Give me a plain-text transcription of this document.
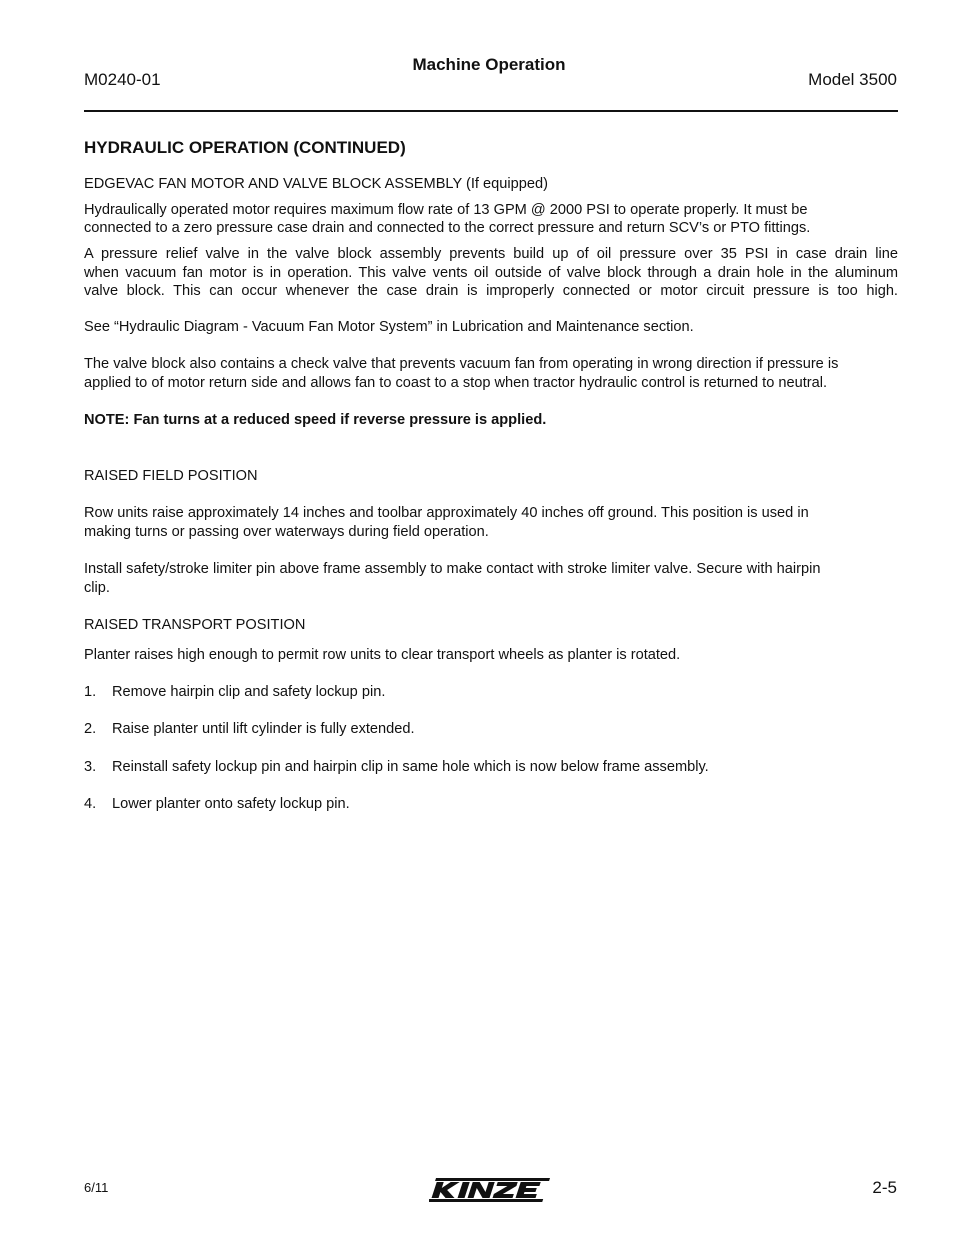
M0240-01
Machine Operation
Model 3500
HYDRAULIC OPERATION (CONTINUED)
EDGEVAC FAN MOTOR AND VALVE BLOCK ASSEMBLY (If equipped)
Hydraulically operated motor requires maximum flow rate of 13 GPM @ 2000 PSI to operate properly. It must be
connected to a zero pressure case drain and connected to the correct pressure and return SCV’s or PTO fittings.
A pressure relief valve in the valve block assembly prevents build up of oil pressure over 35 PSI in case drain line
when vacuum fan motor is in operation. This valve vents oil outside of valve block through a drain hole in the aluminum
valve block. This can occur whenever the case drain is improperly connected or motor circuit pressure is too high.
See “Hydraulic Diagram - Vacuum Fan Motor System” in Lubrication and Maintenance section.
The valve block also contains a check valve that prevents vacuum fan from operating in wrong direction if pressure is
applied to of motor return side and allows fan to coast to a stop when tractor hydraulic control is returned to neutral.
NOTE: Fan turns at a reduced speed if reverse pressure is applied.
RAISED FIELD POSITION
Row units raise approximately 14 inches and toolbar approximately 40 inches off ground. This position is used in
making turns or passing over waterways during field operation.
Install safety/stroke limiter pin above frame assembly to make contact with stroke limiter valve. Secure with hairpin
clip.
RAISED TRANSPORT POSITION
Planter raises high enough to permit row units to clear transport wheels as planter is rotated.
1. Remove hairpin clip and safety lockup pin.
2. Raise planter until lift cylinder is fully extended.
3. Reinstall safety lockup pin and hairpin clip in same hole which is now below frame assembly.
4. Lower planter onto safety lockup pin.
6/11	2-5
